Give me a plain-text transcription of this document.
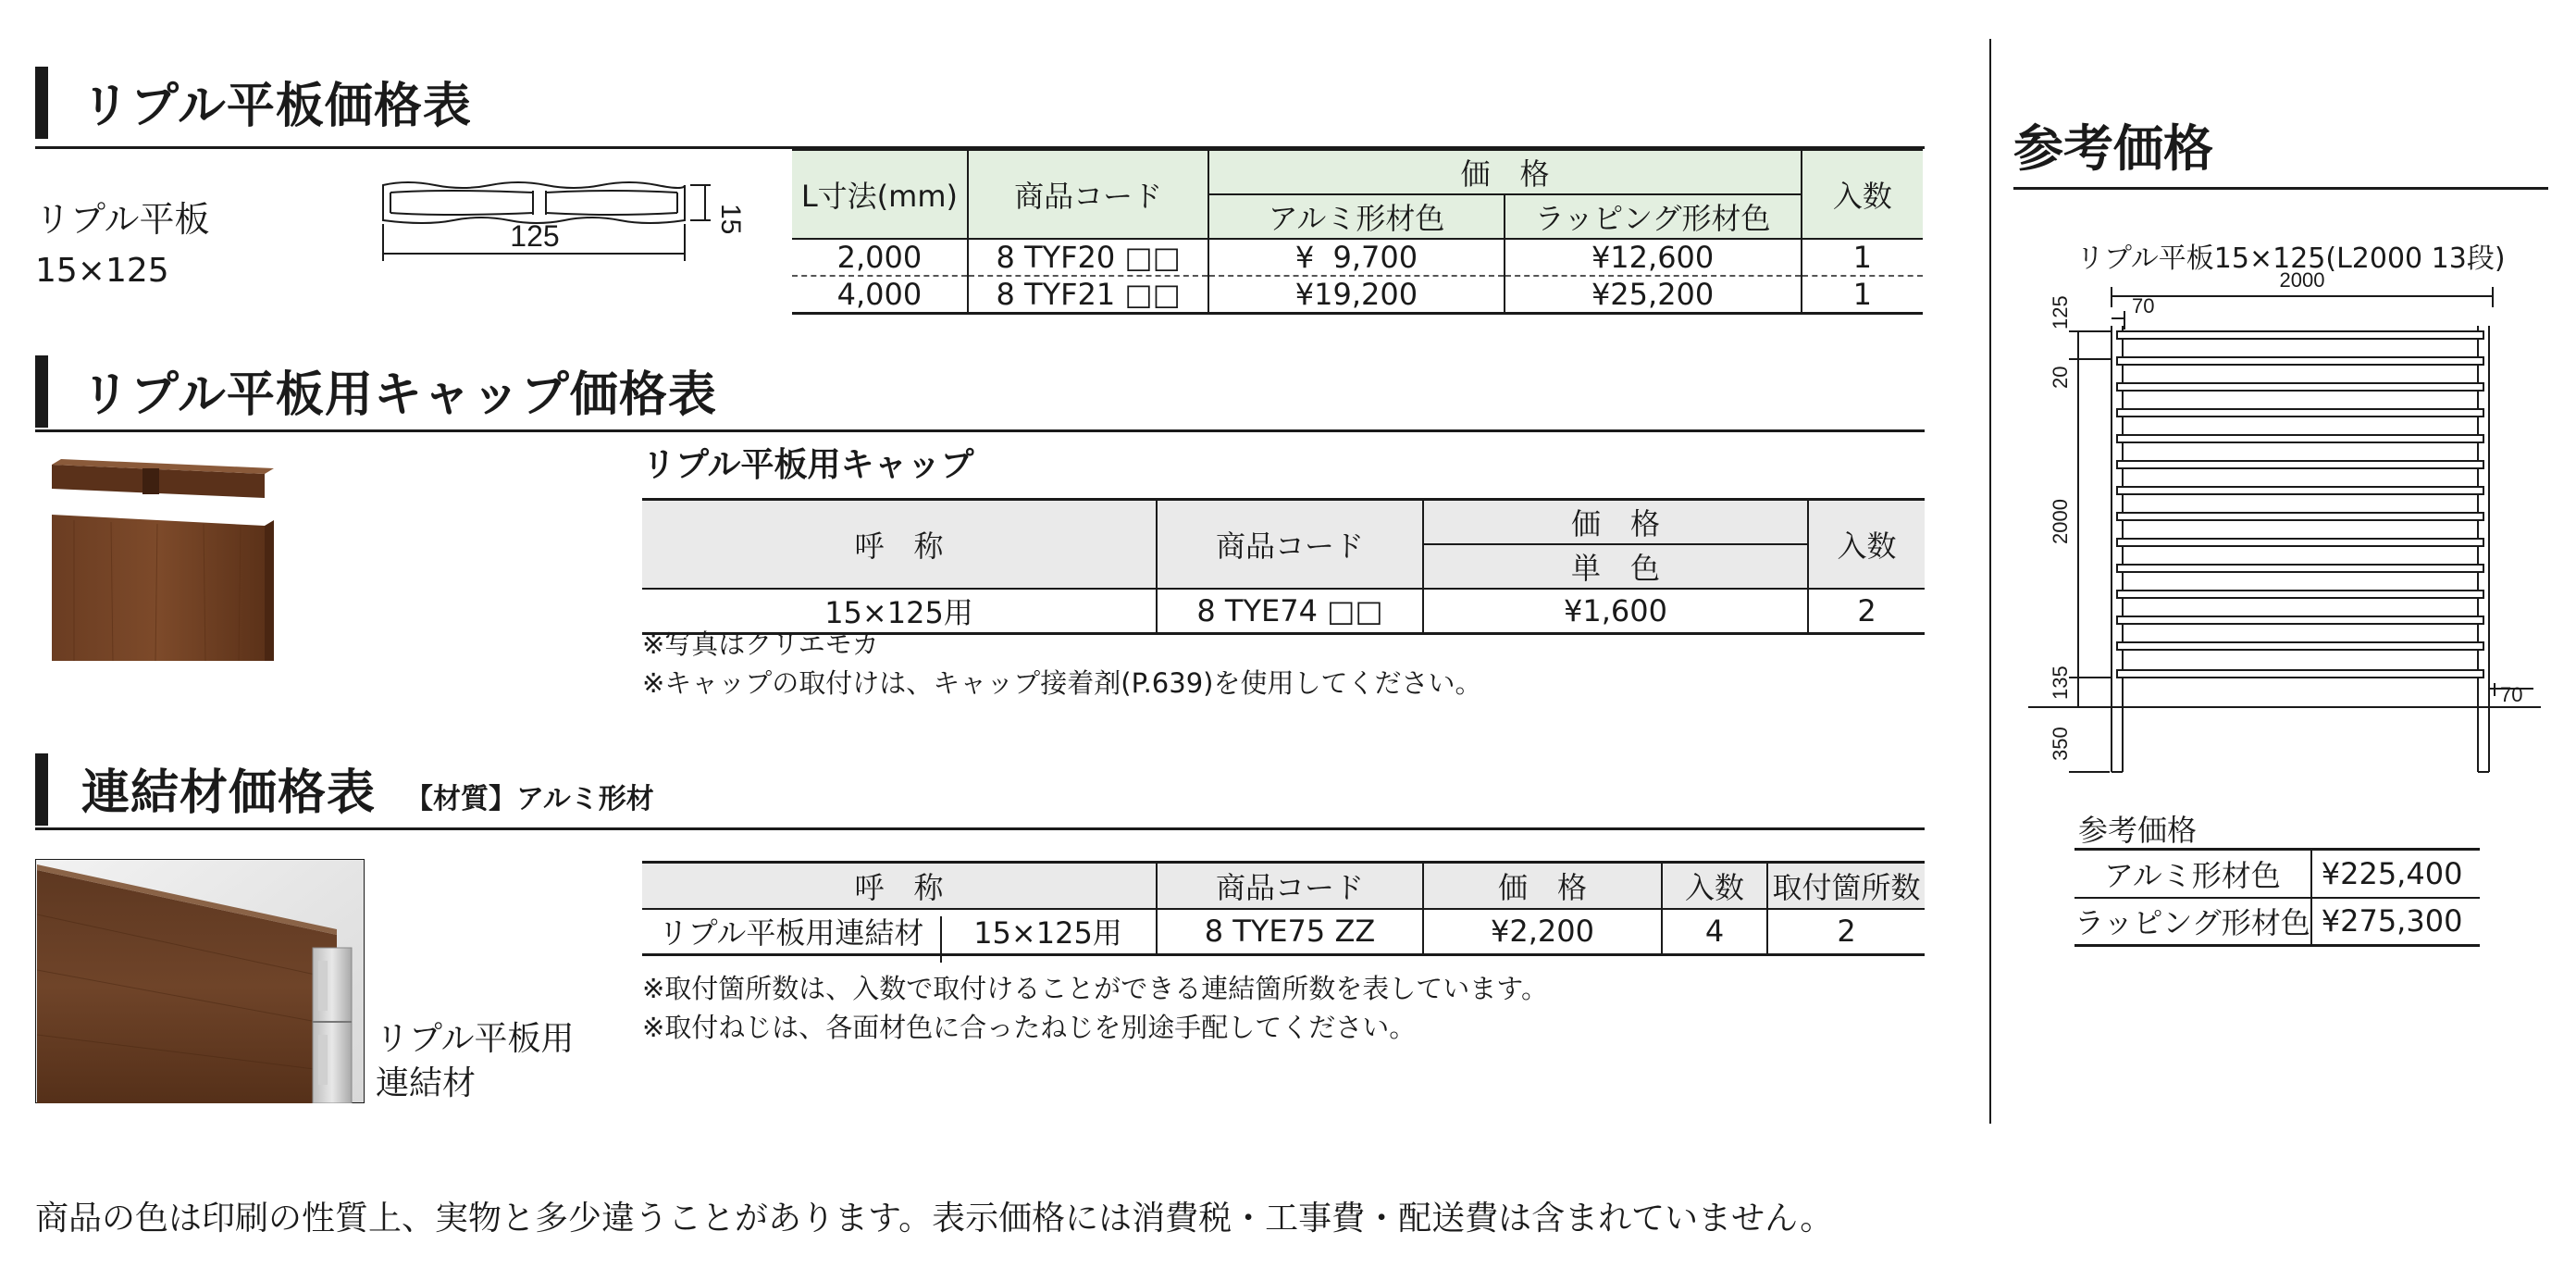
リプル平板価格表
リプル平板
15×125
125
15
L寸法(mm)	商品コード	価　格		入数
		アルミ形材色	ラッピング形材色	
2,000	8 TYF20 □□	¥  9,700	¥12,600	1
4,000	8 TYF21 □□	¥19,200	¥25,200	1
リプル平板用キャップ価格表
リプル平板用キャップ
呼　称	商品コード	価　格	入数
		単　色	
15×125用	8 TYE74 □□	¥1,600	2
※写真はクリエモカ
※キャップの取付けは、キャップ接着剤(P.639)を使用してください。
連結材価格表 【材質】アルミ形材
リプル平板用
連結材
呼　称		商品コード	価　格	入数	取付箇所数
リプル平板用連結材	15×125用	8 TYE75 ZZ	¥2,200	4	2
※取付箇所数は、入数で取付けることができる連結箇所数を表しています。
※取付ねじは、各面材色に合ったねじを別途手配してください。
参考価格
リプル平板15×125(L2000 13段)
2000
70
125
20
2000
135	70
350
参考価格
アルミ形材色	¥225,400
ラッピング形材色	¥275,300
商品の色は印刷の性質上、実物と多少違うことがあります。表示価格には消費税・工事費・配送費は含まれていません。
